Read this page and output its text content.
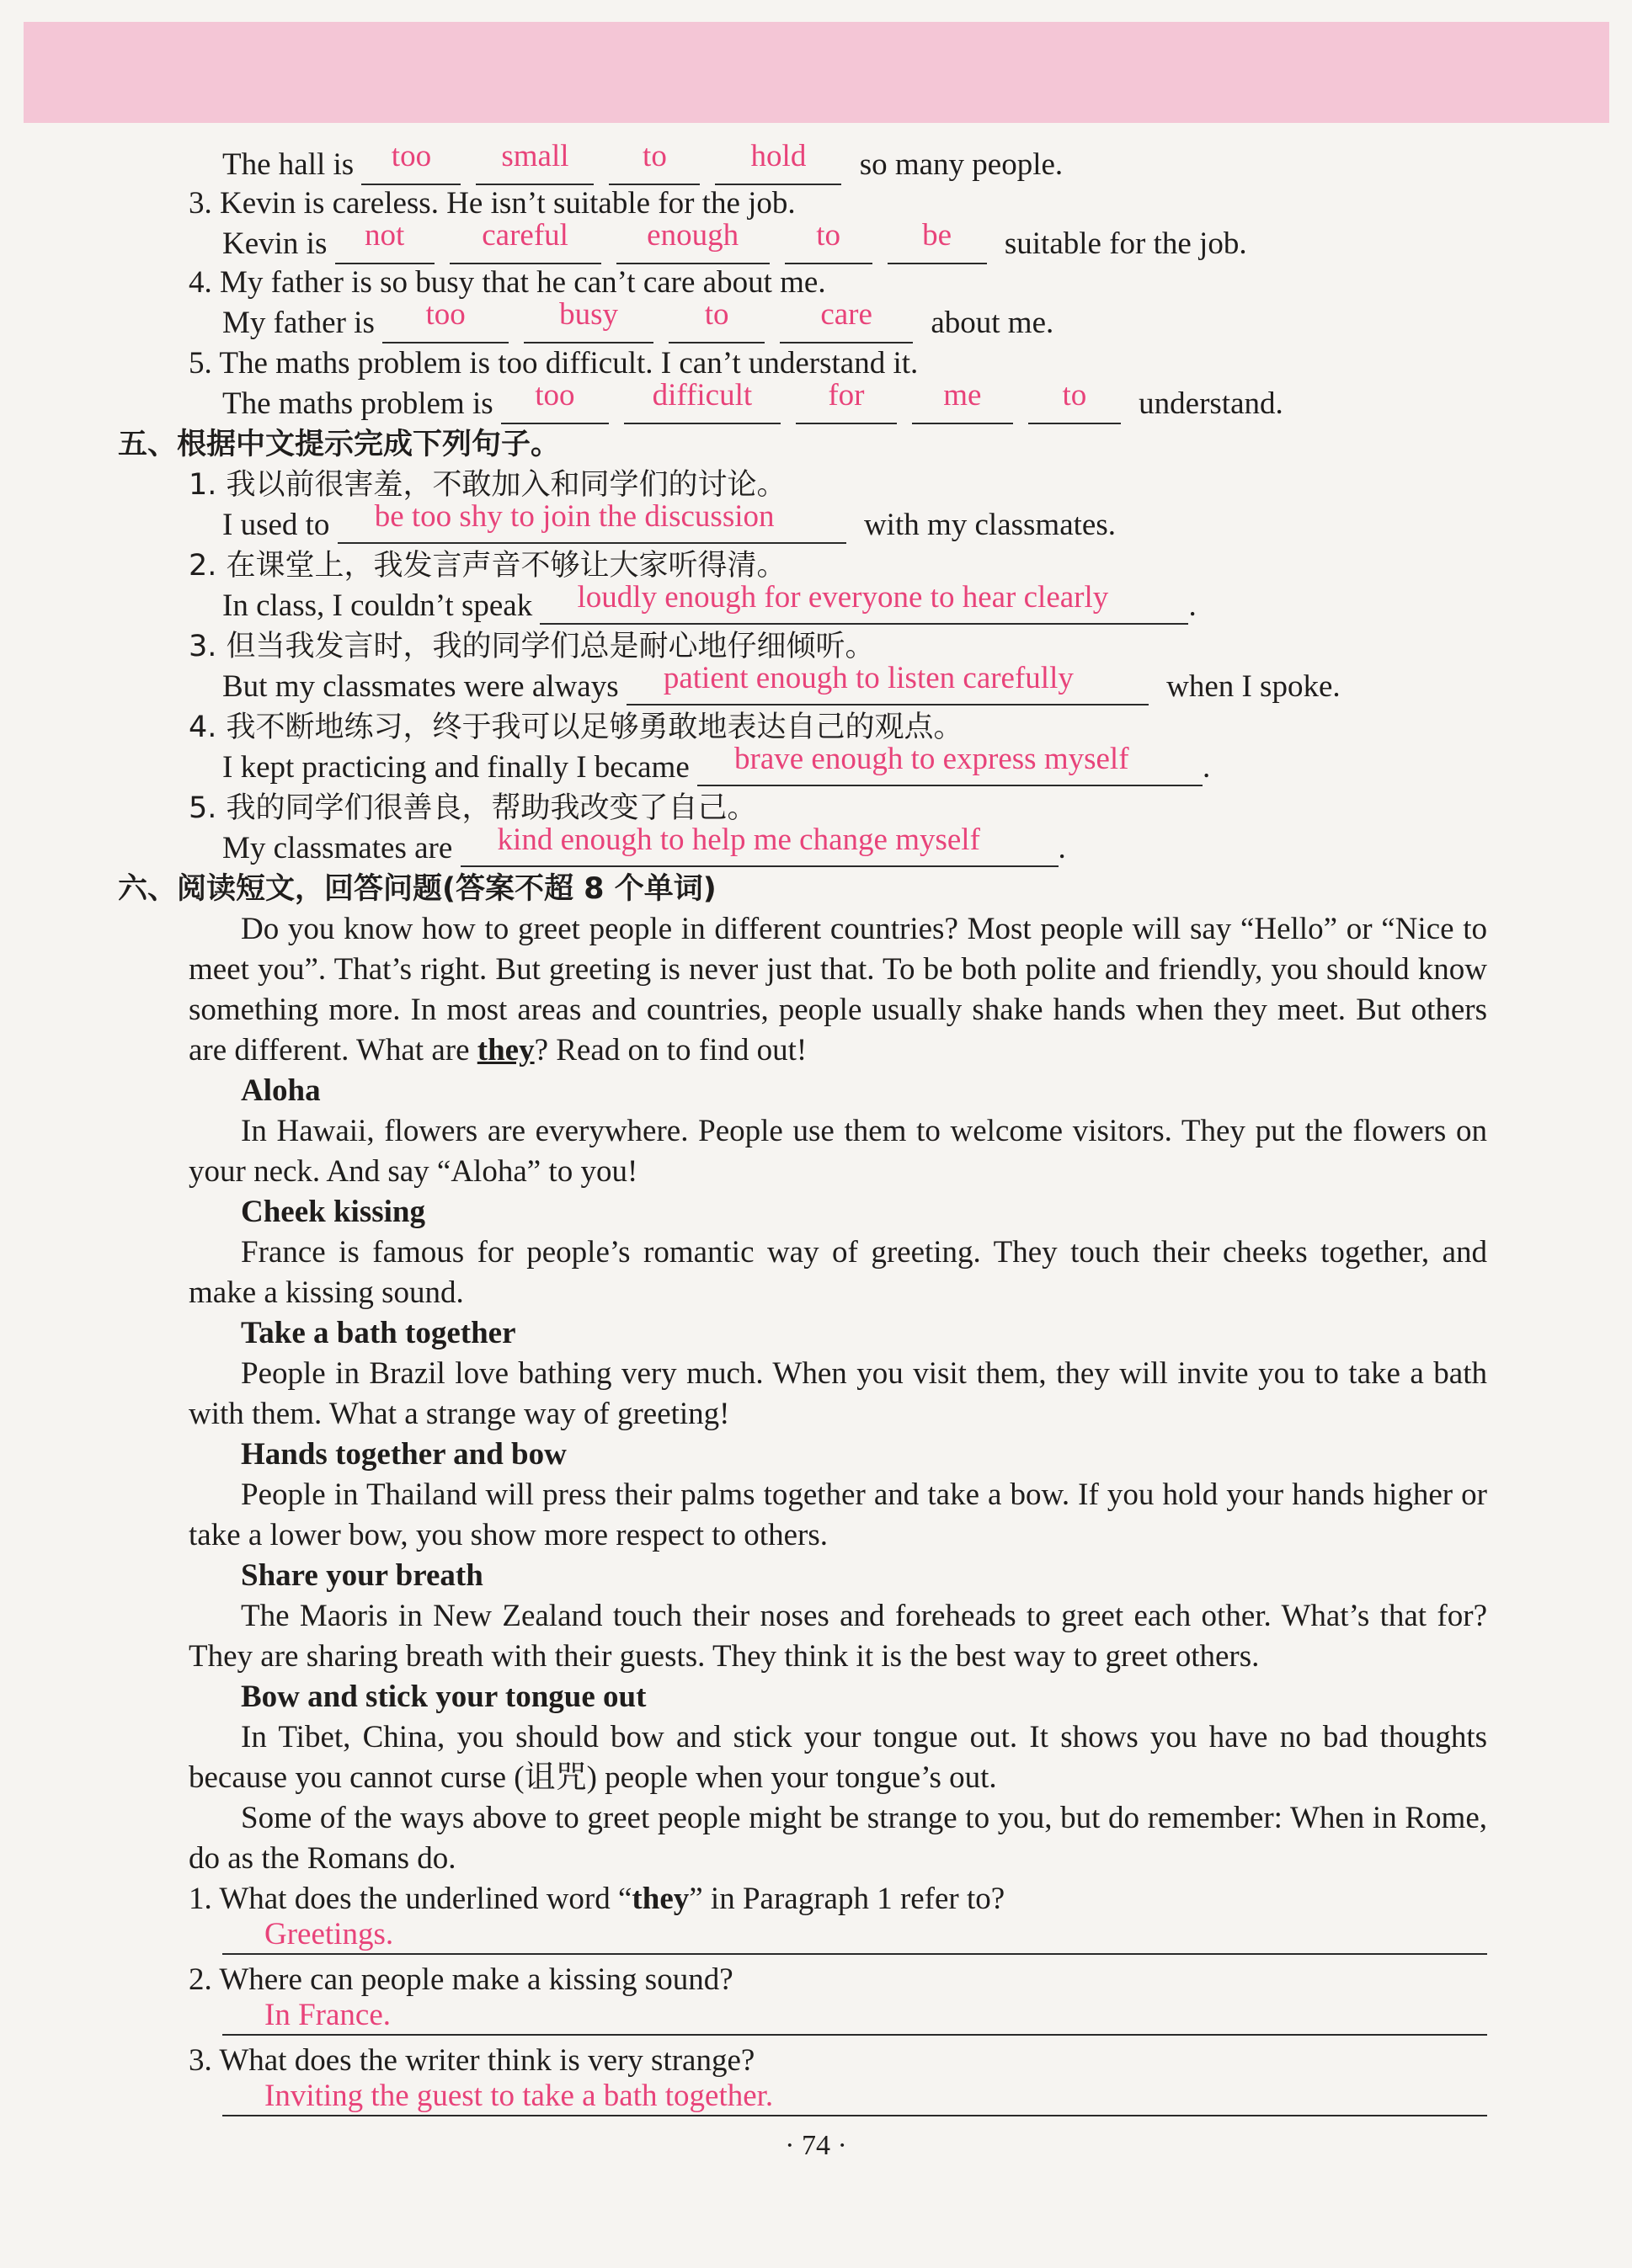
The hall is too small to	hold so many people.
3. Kevin is careless. He isn’t suitable for the job.
Kevin is not careful	enough to	be suitable for the job.
4. My father is so busy that he can’t care about me.
My father is too	busy	to	care about me.
5. The maths problem is too difficult. I can’t understand it.
The maths problem is too difficult for	me	to understand.
五、根据中文提示完成下列句子。
1. 我以前很害羞，不敢加入和同学们的讨论。
I used to be too shy to join the discussion	with my classmates.
2. 在课堂上，我发言声音不够让大家听得清。
In class, I couldn’t speak loudly enough for everyone to hear clearly	.
3. 但当我发言时，我的同学们总是耐心地仔细倾听。
But my classmates were always patient enough to listen carefully	when I spoke.
4. 我不断地练习，终于我可以足够勇敢地表达自己的观点。
I kept practicing and finally I became brave enough to express myself .
5. 我的同学们很善良，帮助我改变了自己。
My classmates are kind enough to help me change myself	.
六、阅读短文，回答问题(答案不超 8 个单词)

Do you know how to greet people in different countries? Most people will say “Hello” or “Nice to meet you”. That’s right. But greeting is never just that. To be both polite and friendly, you should know something more. In most areas and countries, people usually shake hands when they meet. But others are different. What are they? Read on to find out!

Aloha

In Hawaii, flowers are everywhere. People use them to welcome visitors. They put the flowers on your neck. And say “Aloha” to you!

Cheek kissing

France is famous for people’s romantic way of greeting. They touch their cheeks together, and make a kissing sound.

Take a bath together

People in Brazil love bathing very much. When you visit them, they will invite you to take a bath with them. What a strange way of greeting!

Hands together and bow

People in Thailand will press their palms together and take a bow. If you hold your hands higher or take a lower bow, you show more respect to others.

Share your breath

The Maoris in New Zealand touch their noses and foreheads to greet each other. What’s that for? They are sharing breath with their guests. They think it is the best way to greet others.

Bow and stick your tongue out

In Tibet, China, you should bow and stick your tongue out. It shows you have no bad thoughts because you cannot curse (诅咒) people when your tongue’s out.

Some of the ways above to greet people might be strange to you, but do remember: When in Rome, do as the Romans do.

1. What does the underlined word “they” in Paragraph 1 refer to?
Greetings.
2. Where can people make a kissing sound?
In France.
3. What does the writer think is very strange?
Inviting the guest to take a bath together.
· 74 ·
